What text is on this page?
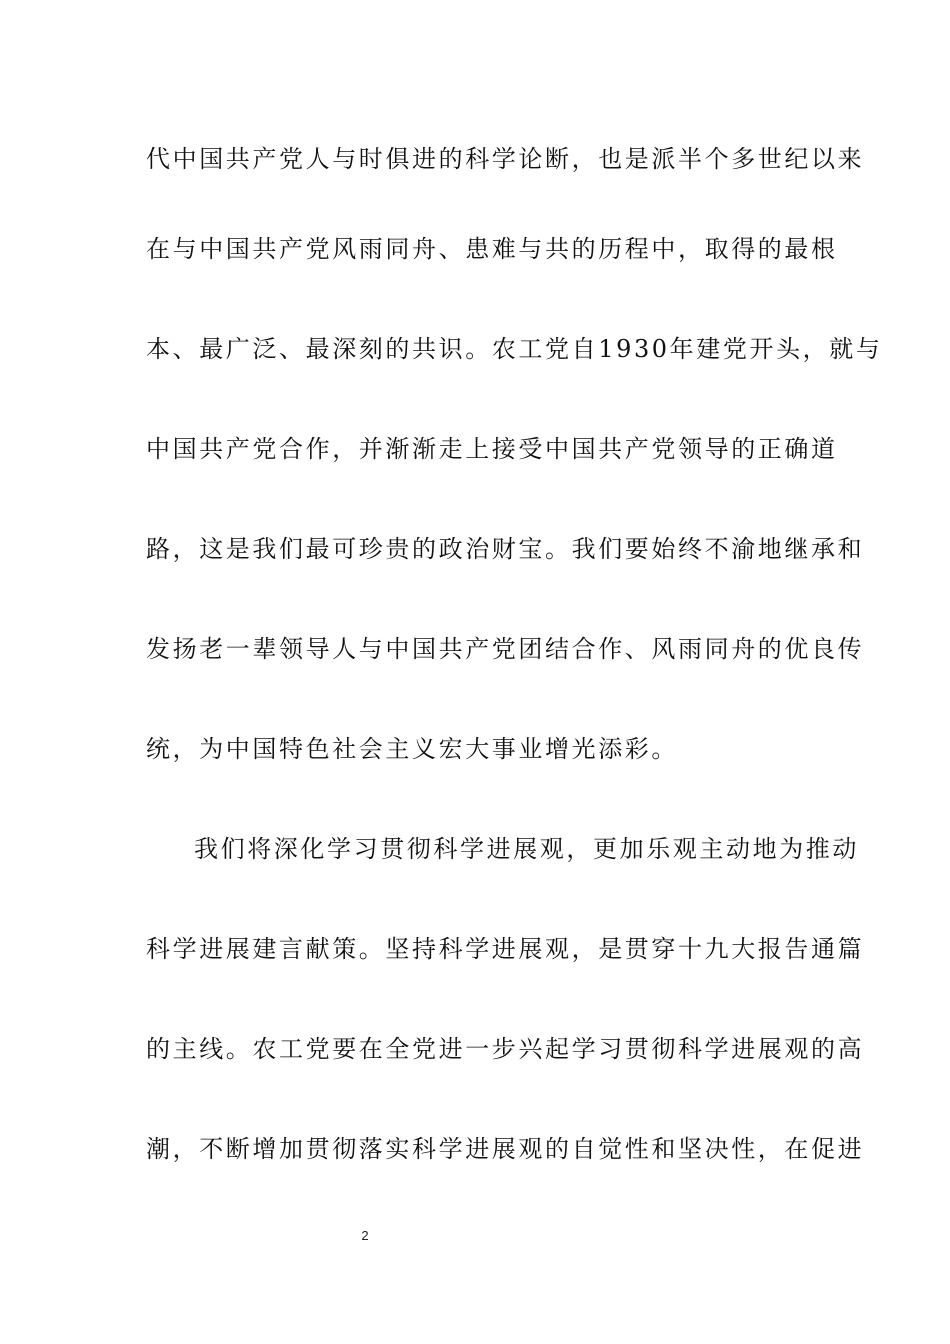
代中国共产党人与时俱进的科学论断，也是派半个多世纪以来
在与中国共产党风雨同舟、患难与共的历程中，取得的最根
本、最广泛、最深刻的共识。农工党自1930年建党开头，就与
中国共产党合作，并渐渐走上接受中国共产党领导的正确道
路，这是我们最可珍贵的政治财宝。我们要始终不渝地继承和
发扬老一辈领导人与中国共产党团结合作、风雨同舟的优良传
统，为中国特色社会主义宏大事业增光添彩。
我们将深化学习贯彻科学进展观，更加乐观主动地为推动
科学进展建言献策。坚持科学进展观，是贯穿十九大报告通篇
的主线。农工党要在全党进一步兴起学习贯彻科学进展观的高
潮，不断增加贯彻落实科学进展观的自觉性和坚决性，在促进
2
